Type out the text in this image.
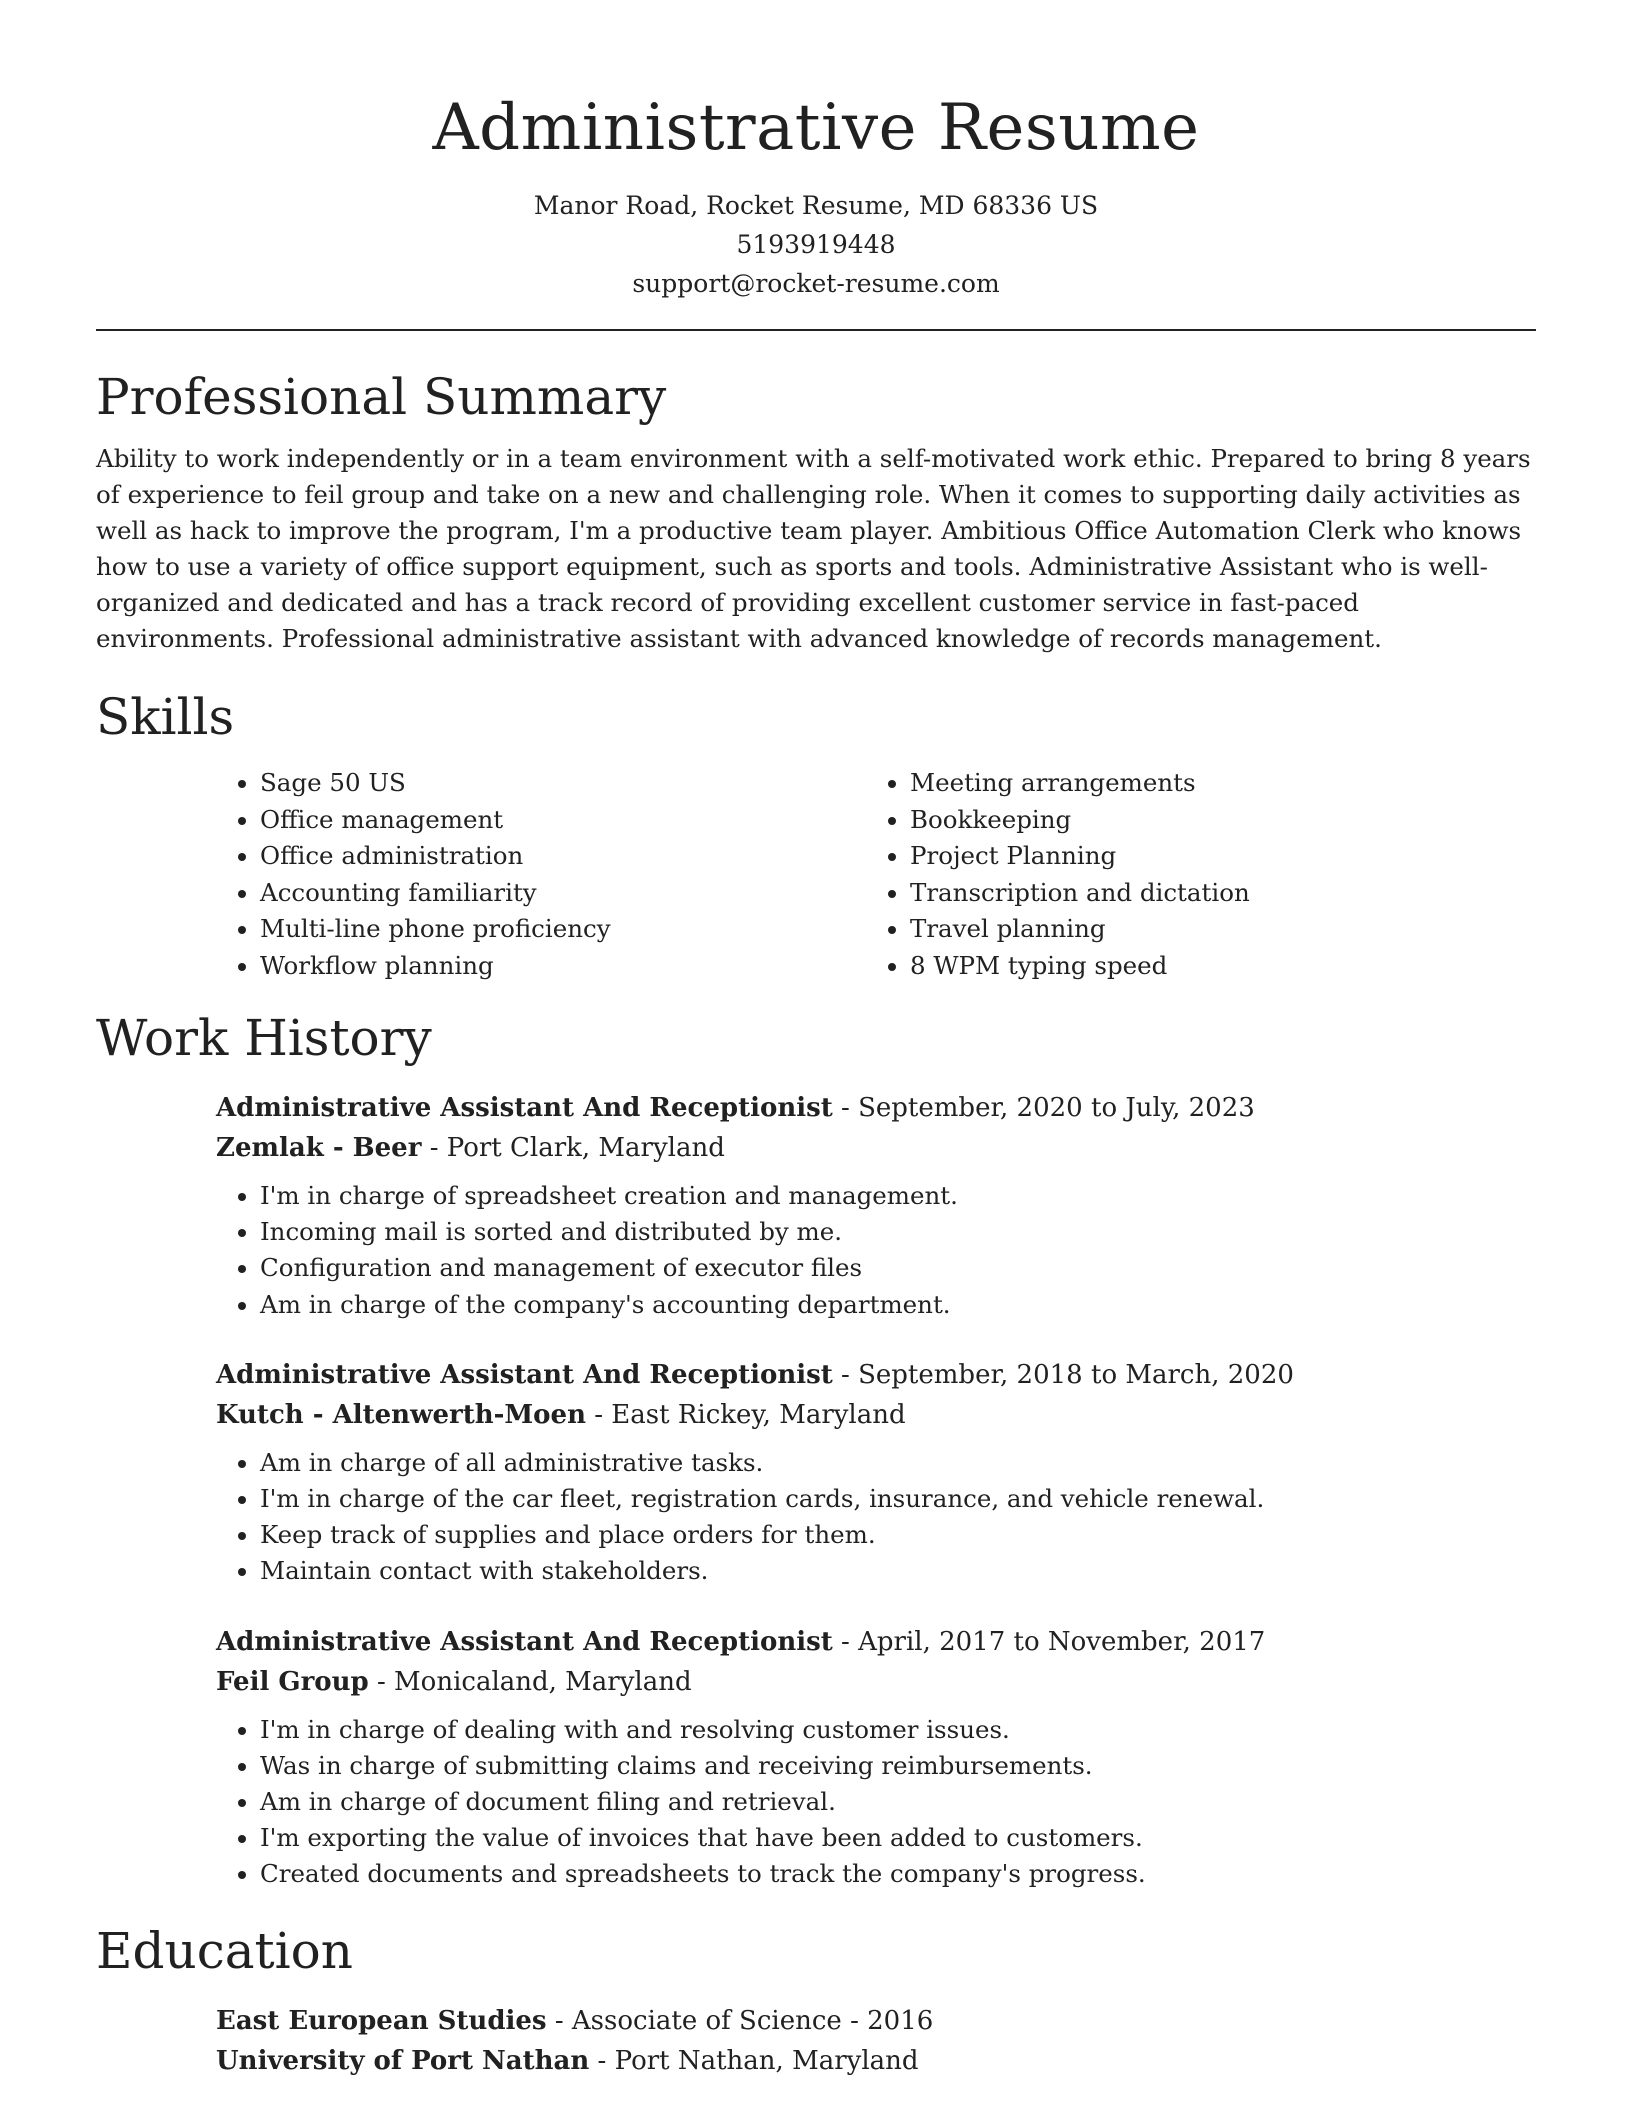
Administrative Resume
Manor Road, Rocket Resume, MD 68336 US
5193919448
support@rocket-resume.com
Professional Summary

Ability to work independently or in a team environment with a self-motivated work ethic. Prepared to bring 8 years of experience to feil group and take on a new and challenging role. When it comes to supporting daily activities as well as hack to improve the program, I'm a productive team player. Ambitious Office Automation Clerk who knows how to use a variety of office support equipment, such as sports and tools. Administrative Assistant who is well-organized and dedicated and has a track record of providing excellent customer service in fast-paced environments. Professional administrative assistant with advanced knowledge of records management.

Skills
• Sage 50 US
• Office management
• Office administration
• Accounting familiarity
• Multi-line phone proficiency
• Workflow planning
• Meeting arrangements
• Bookkeeping
• Project Planning
• Transcription and dictation
• Travel planning
• 8 WPM typing speed
Work History
Administrative Assistant And Receptionist - September, 2020 to July, 2023
Zemlak - Beer - Port Clark, Maryland
• I'm in charge of spreadsheet creation and management.
• Incoming mail is sorted and distributed by me.
• Configuration and management of executor files
• Am in charge of the company's accounting department.
Administrative Assistant And Receptionist - September, 2018 to March, 2020
Kutch - Altenwerth-Moen - East Rickey, Maryland
• Am in charge of all administrative tasks.
• I'm in charge of the car fleet, registration cards, insurance, and vehicle renewal.
• Keep track of supplies and place orders for them.
• Maintain contact with stakeholders.
Administrative Assistant And Receptionist - April, 2017 to November, 2017
Feil Group - Monicaland, Maryland
• I'm in charge of dealing with and resolving customer issues.
• Was in charge of submitting claims and receiving reimbursements.
• Am in charge of document filing and retrieval.
• I'm exporting the value of invoices that have been added to customers.
• Created documents and spreadsheets to track the company's progress.
Education
East European Studies - Associate of Science - 2016
University of Port Nathan - Port Nathan, Maryland
